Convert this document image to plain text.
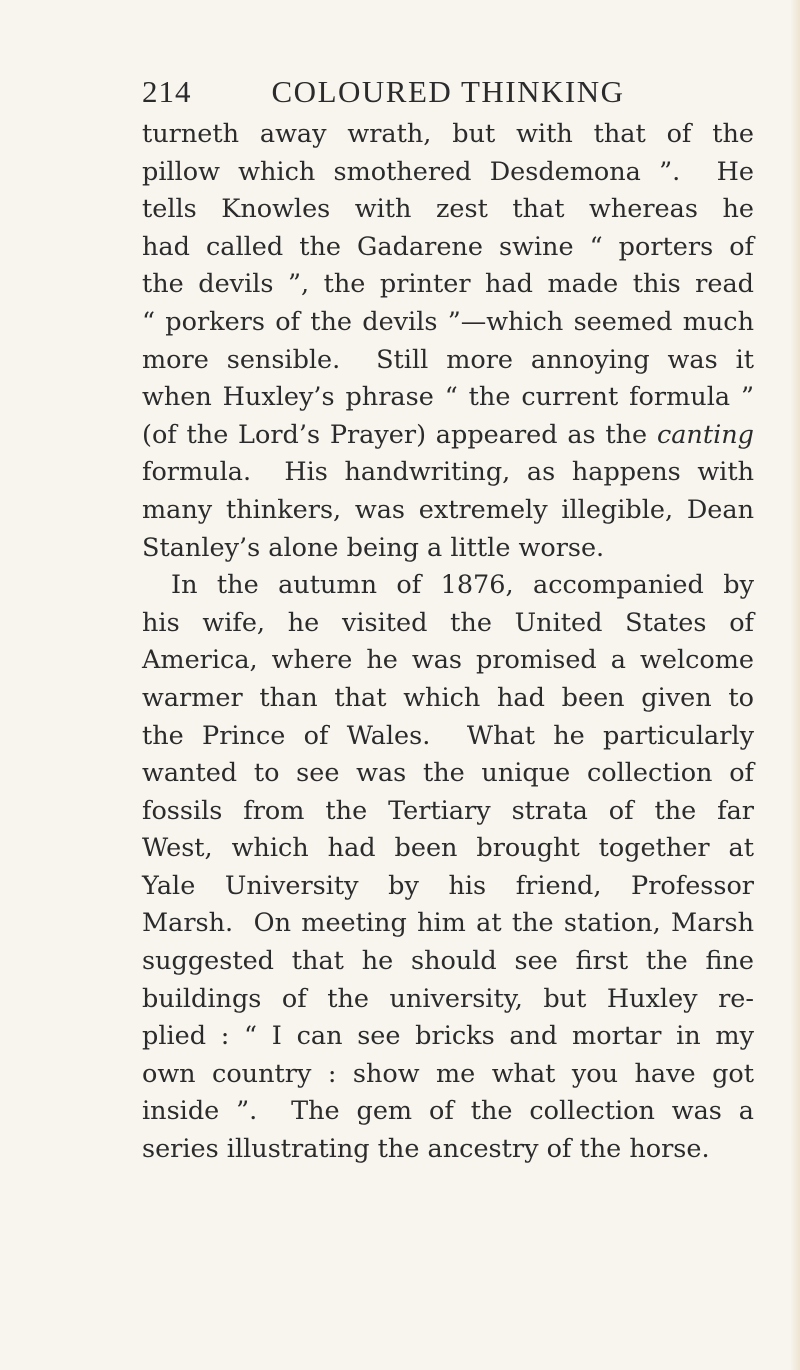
214	COLOURED THINKING
turneth away wrath, but with that of the
pillow which smothered Desdemona ”.  He
tells Knowles with zest that whereas he
had called the Gadarene swine “ porters of
the devils ”, the printer had made this read
“ porkers of the devils ”—which seemed much
more sensible.  Still more annoying was it
when Huxley’s phrase “ the current formula ”
(of the Lord’s Prayer) appeared as the canting
formula.  His handwriting, as happens with
many thinkers, was extremely illegible, Dean
Stanley’s alone being a little worse.
In the autumn of 1876, accompanied by
his wife, he visited the United States of
America, where he was promised a welcome
warmer than that which had been given to
the Prince of Wales.  What he particularly
wanted to see was the unique collection of
fossils from the Tertiary strata of the far
West, which had been brought together at
Yale University by his friend, Professor
Marsh.  On meeting him at the station, Marsh
suggested that he should see first the fine
buildings of the university, but Huxley re-
plied : “ I can see bricks and mortar in my
own country : show me what you have got
inside ”.  The gem of the collection was a
series illustrating the ancestry of the horse.
